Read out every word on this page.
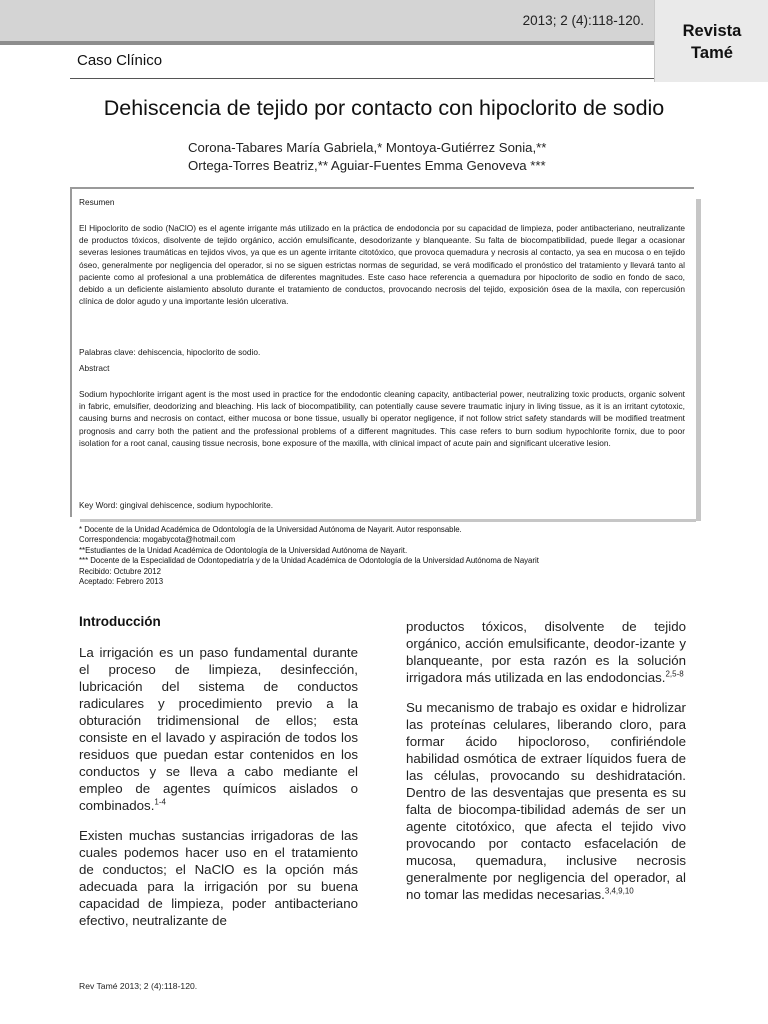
2013; 2 (4):118-120.
Revista
Tamé
Caso Clínico
Dehiscencia de tejido por contacto con hipoclorito de sodio
Corona-Tabares María Gabriela,* Montoya-Gutiérrez Sonia,**
Ortega-Torres Beatriz,** Aguiar-Fuentes Emma Genoveva ***
Resumen
El Hipoclorito de sodio (NaClO) es el agente irrigante más utilizado en la práctica de endodoncia por su capacidad de limpieza, poder antibacteriano, neutralizante de productos tóxicos, disolvente de tejido orgánico, acción emulsificante, desodorizante y blanqueante. Su falta de biocompatibilidad, puede llegar a ocasionar severas lesiones traumáticas en tejidos vivos, ya que es un agente irritante citotóxico, que provoca quemadura y necrosis al contacto, ya sea en mucosa o en tejido óseo, generalmente por negligencia del operador, si no se siguen estrictas normas de seguridad, se verá modificado el pronóstico del tratamiento y llevará tanto al paciente como al profesional a una problemática de diferentes magnitudes. Este caso hace referencia a quemadura por hipoclorito de sodio en fondo de saco, debido a un deficiente aislamiento absoluto durante el tratamiento de conductos, provocando necrosis del tejido, exposición ósea de la maxila, con repercusión clínica de dolor agudo y una importante lesión ulcerativa.
Palabras clave: dehiscencia, hipoclorito de sodio.
Abstract
Sodium hypochlorite irrigant agent is the most used in practice for the endodontic cleaning capacity, antibacterial power, neutralizing toxic products, organic solvent in fabric, emulsifier, deodorizing and bleaching. His lack of biocompatibility, can potentially cause severe traumatic injury in living tissue, as it is an irritant cytotoxic, causing burns and necrosis on contact, either mucosa or bone tissue, usually bi operator negligence, if not follow strict safety standards will be modified treatment prognosis and carry both the patient and the professional problems of a different magnitudes. This case refers to burn sodium hypochlorite fornix, due to poor isolation for a root canal, causing tissue necrosis, bone exposure of the maxilla, with clinical impact of acute pain and significant ulcerative lesion.
Key Word: gingival dehiscence, sodium hypochlorite.
* Docente de la Unidad Académica de Odontología de la Universidad Autónoma de Nayarit. Autor responsable.
Correspondencia: mogabycota@hotmail.com
**Estudiantes de la Unidad Académica de Odontología de la Universidad Autónoma de Nayarit.
*** Docente de la Especialidad de Odontopediatría y de la Unidad Académica de Odontología de la Universidad Autónoma de Nayarit
Recibido: Octubre 2012
Aceptado: Febrero 2013
Introducción

La irrigación es un paso fundamental durante el proceso de limpieza, desinfección, lubricación del sistema de conductos radiculares y procedimiento previo a la obturación tridimensional de ellos; esta consiste en el lavado y aspiración de todos los residuos que puedan estar contenidos en los conductos y se lleva a cabo mediante el empleo de agentes químicos aislados o combinados.$^{1-4}$

Existen muchas sustancias irrigadoras de las cuales podemos hacer uso en el tratamiento de conductos; el NaClO es la opción más adecuada para la irrigación por su buena capacidad de limpieza, poder antibacteriano efectivo, neutralizante de

productos tóxicos, disolvente de tejido orgánico, acción emulsificante, deodor-izante y blanqueante, por esta razón es la solución irrigadora más utilizada en las endodoncias.$^{2,5-8}$

Su mecanismo de trabajo es oxidar e hidrolizar las proteínas celulares, liberando cloro, para formar ácido hipocloroso, confiriéndole habilidad osmótica de extraer líquidos fuera de las células, provocando su deshidratación. Dentro de las desventajas que presenta es su falta de biocompa-tibilidad además de ser un agente citotóxico, que afecta el tejido vivo provocando por contacto esfacelación de mucosa, quemadura, inclusive necrosis generalmente por negligencia del operador, al no tomar las medidas necesarias.$^{3,4,9,10}$

Rev Tamé 2013; 2 (4):118-120.
